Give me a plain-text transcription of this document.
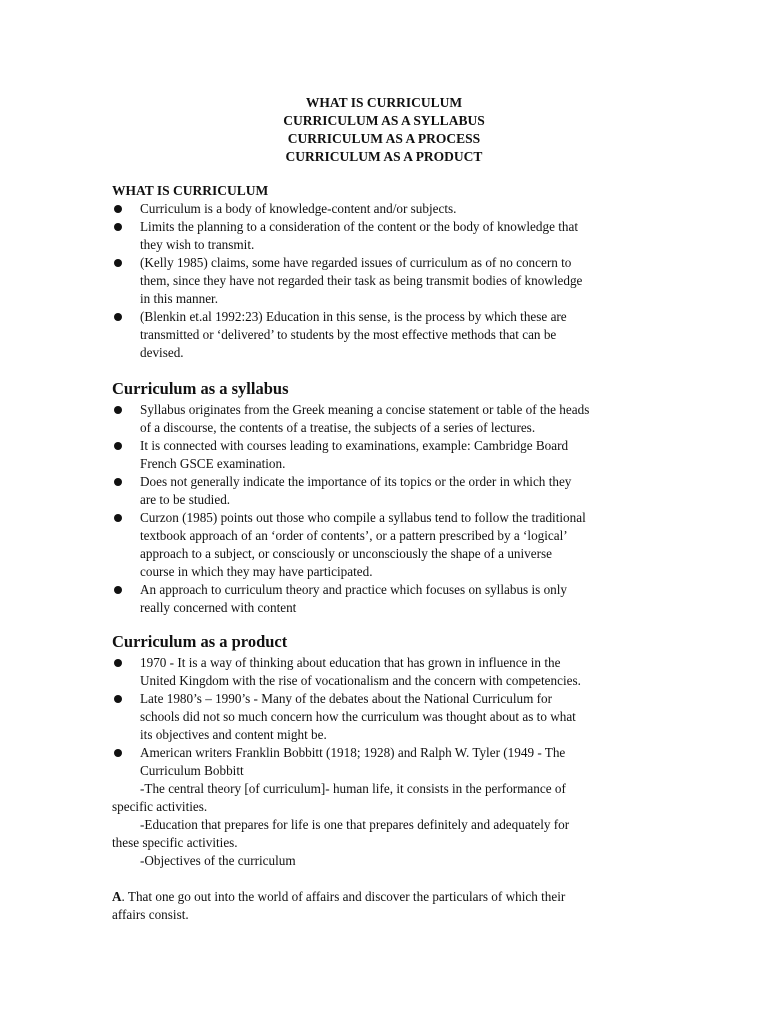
WHAT IS CURRICULUM
CURRICULUM AS A SYLLABUS
CURRICULUM AS A PROCESS
CURRICULUM AS A PRODUCT
WHAT IS CURRICULUM
Curriculum is a body of knowledge-content and/or subjects.
Limits the planning to a consideration of the content or the body of knowledge that
they wish to transmit.
(Kelly 1985) claims, some have regarded issues of curriculum as of no concern to
them, since they have not regarded their task as being transmit bodies of knowledge
in this manner.
(Blenkin et.al 1992:23) Education in this sense, is the process by which these are
transmitted or ‘delivered’ to students by the most effective methods that can be
devised.
Curriculum as a syllabus
Syllabus originates from the Greek meaning a concise statement or table of the heads
of a discourse, the contents of a treatise, the subjects of a series of lectures.
It is connected with courses leading to examinations, example: Cambridge Board
French GSCE examination.
Does not generally indicate the importance of its topics or the order in which they
are to be studied.
Curzon (1985) points out those who compile a syllabus tend to follow the traditional
textbook approach of an ‘order of contents’, or a pattern prescribed by a ‘logical’
approach to a subject, or consciously or unconsciously the shape of a universe
course in which they may have participated.
An approach to curriculum theory and practice which focuses on syllabus is only
really concerned with content
Curriculum as a product
1970 - It is a way of thinking about education that has grown in influence in the
United Kingdom with the rise of vocationalism and the concern with competencies.
Late 1980’s – 1990’s - Many of the debates about the National Curriculum for
schools did not so much concern how the curriculum was thought about as to what
its objectives and content might be.
American writers Franklin Bobbitt (1918; 1928) and Ralph W. Tyler (1949 - The
Curriculum Bobbitt
-The central theory [of curriculum]- human life, it consists in the performance of
specific activities.
-Education that prepares for life is one that prepares definitely and adequately for
these specific activities.
-Objectives of the curriculum
A. That one go out into the world of affairs and discover the particulars of which their
affairs consist.
